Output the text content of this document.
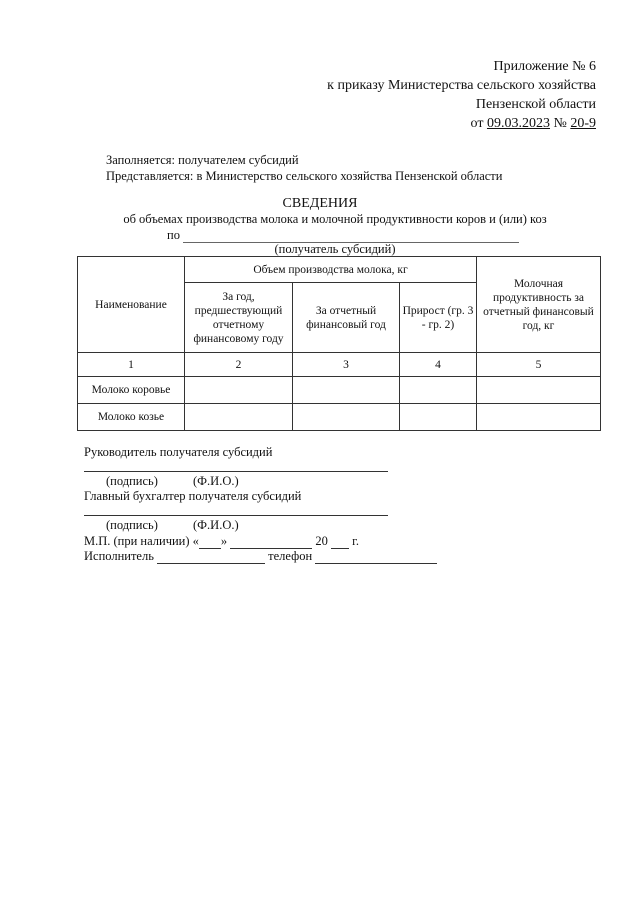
Приложение № 6
к приказу Министерства сельского хозяйства
Пензенской области
от 09.03.2023 № 20-9
Заполняется: получателем субсидий
Представляется: в Министерство сельского хозяйства Пензенской области
СВЕДЕНИЯ
об объемах производства молока и молочной продуктивности коров и (или) коз
по
(получатель субсидий)
Наименование	Объем производства молока, кг			Молочная продуктивность за отчетный финансовый год, кг
	За год, предшествующий отчетному финансовому году	За отчетный финансовый год	Прирост (гр. 3 - гр. 2)	
1	2	3	4	5
Молоко коровье				
Молоко козье				
Руководитель получателя субсидий
(подпись)	(Ф.И.О.)
Главный бухгалтер получателя субсидий
(подпись)	(Ф.И.О.)
М.П. (при наличии) « »	20 г.
Исполнитель	телефон
